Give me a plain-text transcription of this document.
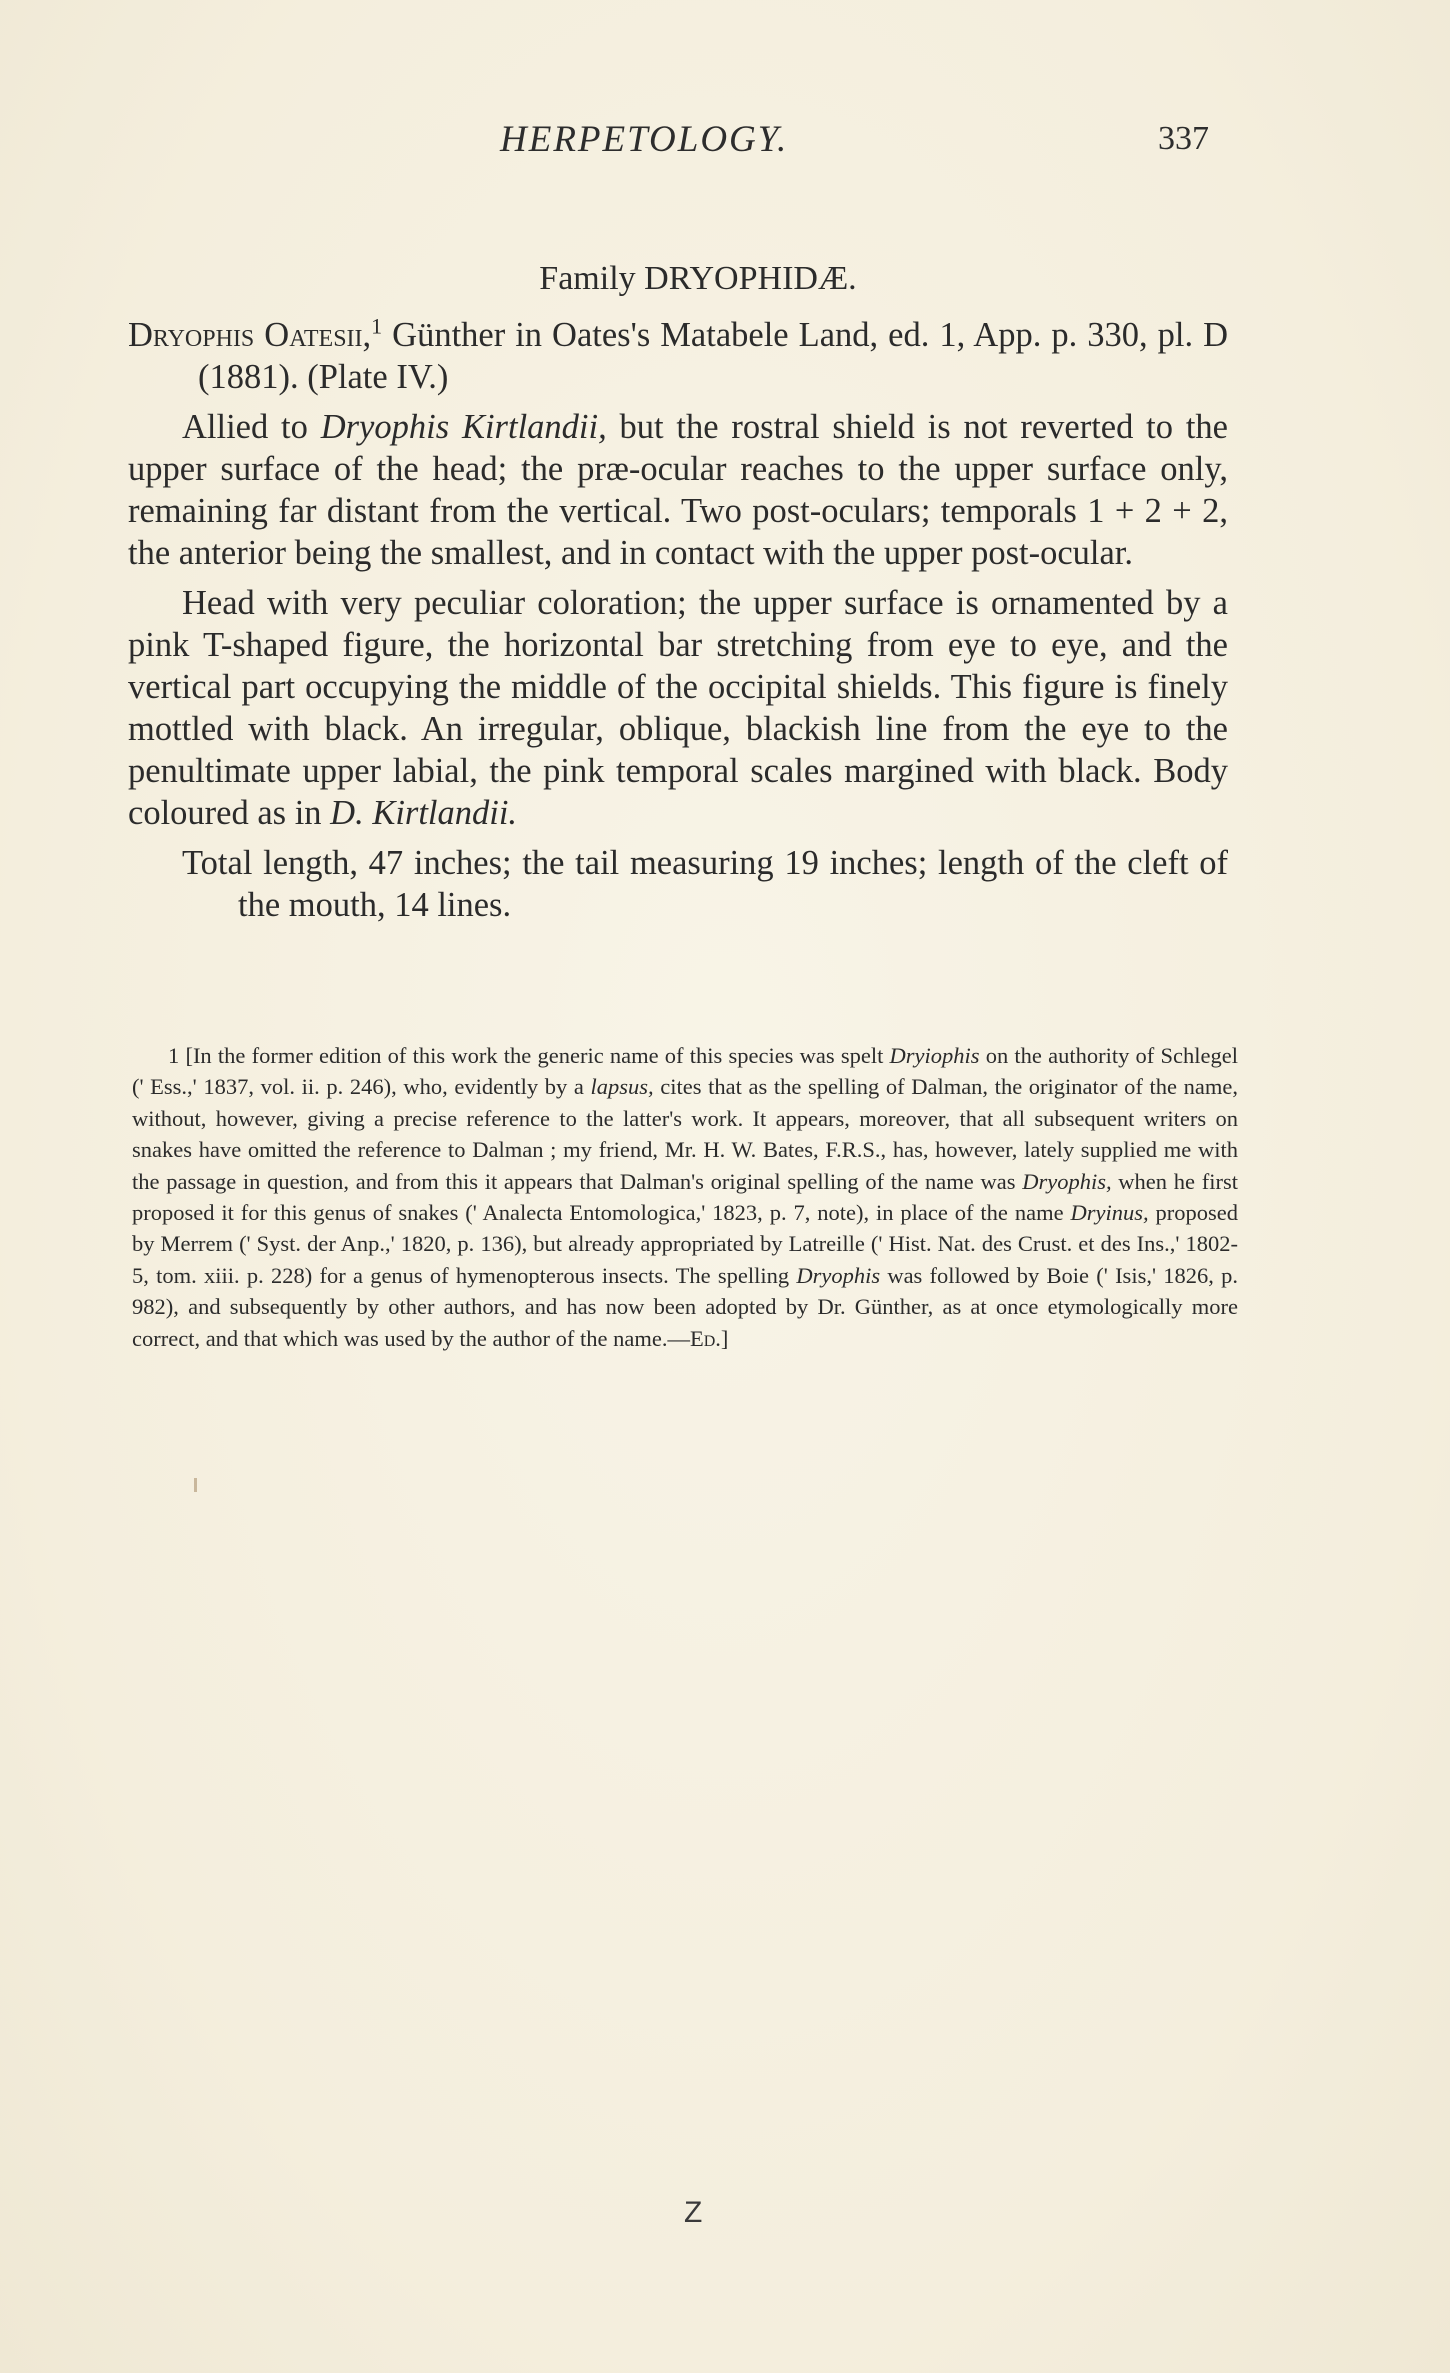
HERPETOLOGY.	337

Family DRYOPHIDÆ.

Dryophis Oatesii,$^1$ Günther in Oates's Matabele Land, ed. 1, App. p. 330, pl. D (1881). (Plate IV.)

Allied to Dryophis Kirtlandii, but the rostral shield is not reverted to the upper surface of the head; the præ-ocular reaches to the upper surface only, remaining far distant from the vertical. Two post-oculars; temporals 1 + 2 + 2, the anterior being the smallest, and in contact with the upper post-ocular.

Head with very peculiar coloration; the upper surface is ornamented by a pink T-shaped figure, the horizontal bar stretching from eye to eye, and the vertical part occupying the middle of the occipital shields. This figure is finely mottled with black. An irregular, oblique, blackish line from the eye to the penultimate upper labial, the pink temporal scales margined with black. Body coloured as in D. Kirtlandii.

Total length, 47 inches; the tail measuring 19 inches; length of the cleft of the mouth, 14 lines.

1 [In the former edition of this work the generic name of this species was spelt Dryiophis on the authority of Schlegel (' Ess.,' 1837, vol. ii. p. 246), who, evidently by a lapsus, cites that as the spelling of Dalman, the originator of the name, without, however, giving a precise reference to the latter's work. It appears, moreover, that all subsequent writers on snakes have omitted the reference to Dalman ; my friend, Mr. H. W. Bates, F.R.S., has, however, lately supplied me with the passage in question, and from this it appears that Dalman's original spelling of the name was Dryophis, when he first proposed it for this genus of snakes (' Analecta Entomologica,' 1823, p. 7, note), in place of the name Dryinus, proposed by Merrem (' Syst. der Anp.,' 1820, p. 136), but already appropriated by Latreille (' Hist. Nat. des Crust. et des Ins.,' 1802-5, tom. xiii. p. 228) for a genus of hymenopterous insects. The spelling Dryophis was followed by Boie (' Isis,' 1826, p. 982), and subsequently by other authors, and has now been adopted by Dr. Günther, as at once etymologically more correct, and that which was used by the author of the name.—Ed.]
Z
